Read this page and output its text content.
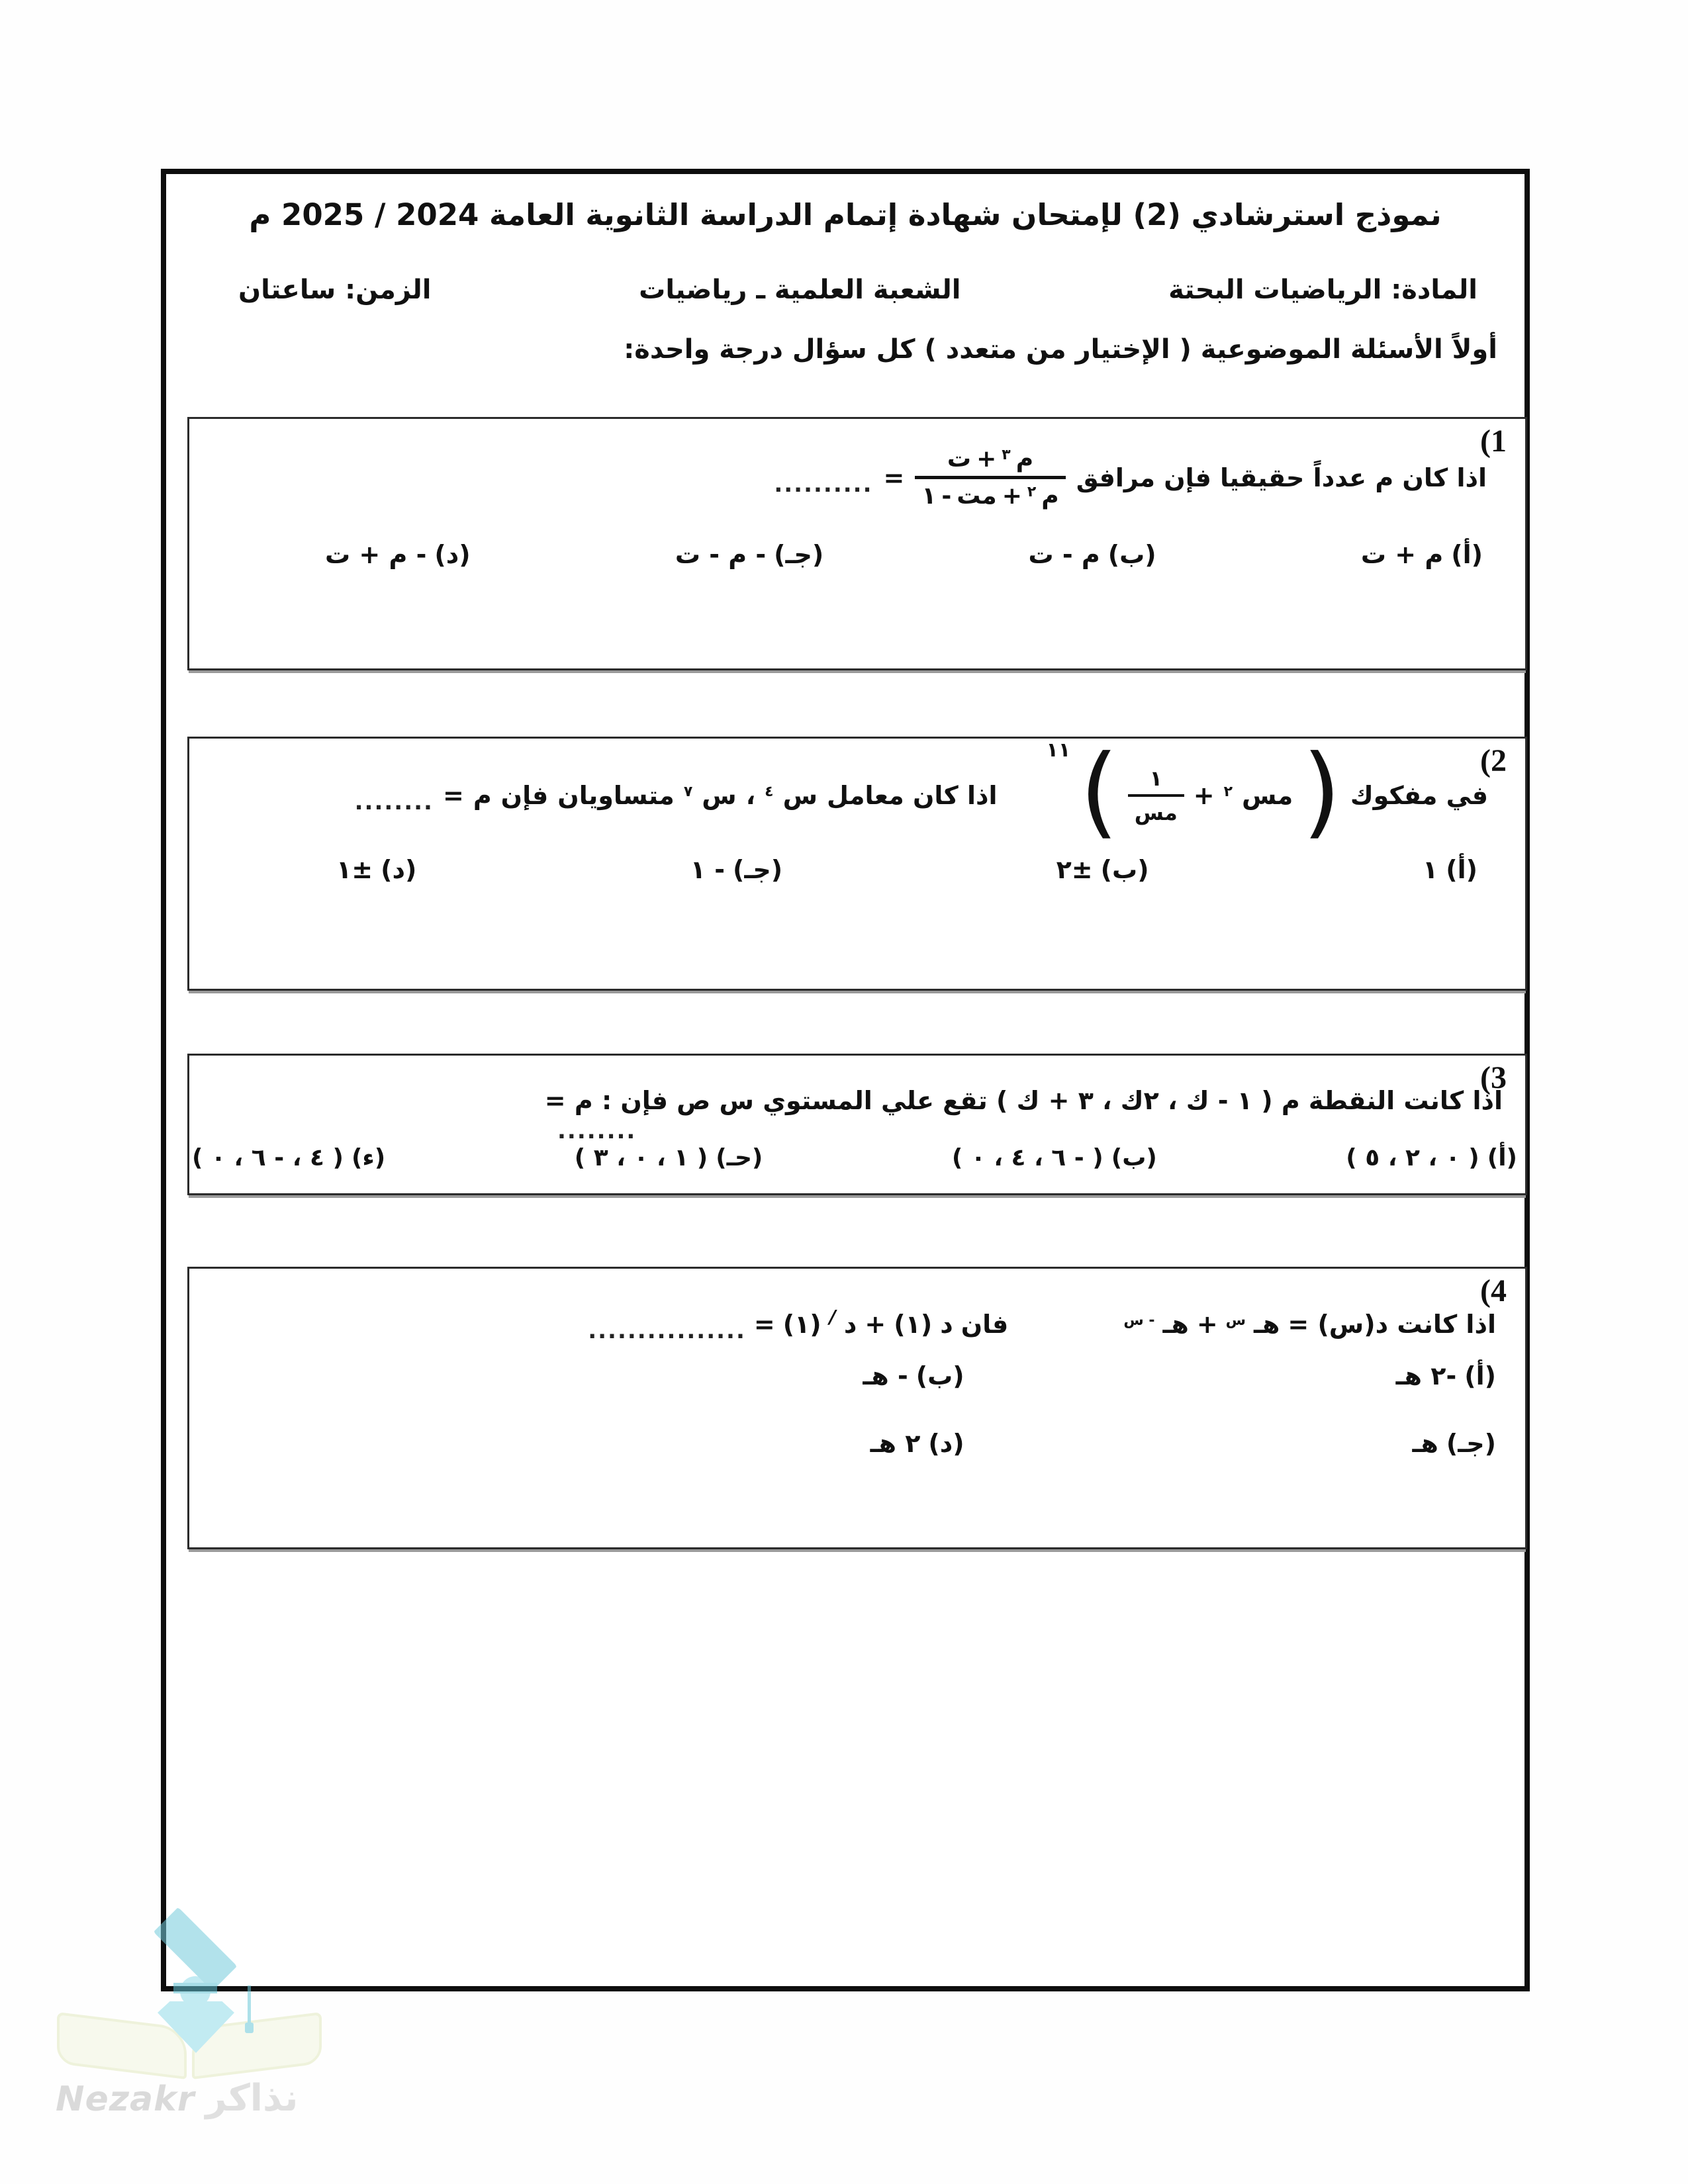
نموذج استرشادي (2) لإمتحان شهادة إتمام الدراسة الثانوية العامة 2024 / 2025 م
المادة: الرياضيات البحتة
الشعبة العلمية ـ رياضيات
الزمن: ساعتان
أولاً الأسئلة الموضوعية ( الإختيار من متعدد ) كل سؤال درجة واحدة:
(1
.......... =
ت + ٣ م
١ - مت + ٢ م
اذا كان م عدداً حقيقيا فإن مرافق
(أ)
م + ت
(ب)
م - ت
(جـ)
- م - ت
(د)
- م + ت
(2
........ = م فإن متساويان ٧ س ، ٤ س اذا كان معامل
١١ ( $\frac{١}{\text{مس}}$ + ٢ مس ) في مفكوك
(أ)
١
(ب)
±٢
(جـ)
- ١
(د)
±١
(3
اذا كانت النقطة م ( ١ - ك ، ٢ك ، ٣ + ك ) تقع علي المستوي س ص فإن : م =
........
(أ)
( ٠ ، ٢ ، ٥ )
(ب)
( - ٦ ، ٤ ، ٠ )
(حـ)
( ١ ، ٠ ، ٣ )
(ء)
( ٤ ، - ٦ ، ٠ )
(4
................ = (١) / د + (١) د فان	- س هـ + س هـ اذا كانت د(س) =
(أ)
-٢ هـ
(ب)
- هـ
(جـ)
هـ
(د)
٢ هـ
Nezakr نذاكر
